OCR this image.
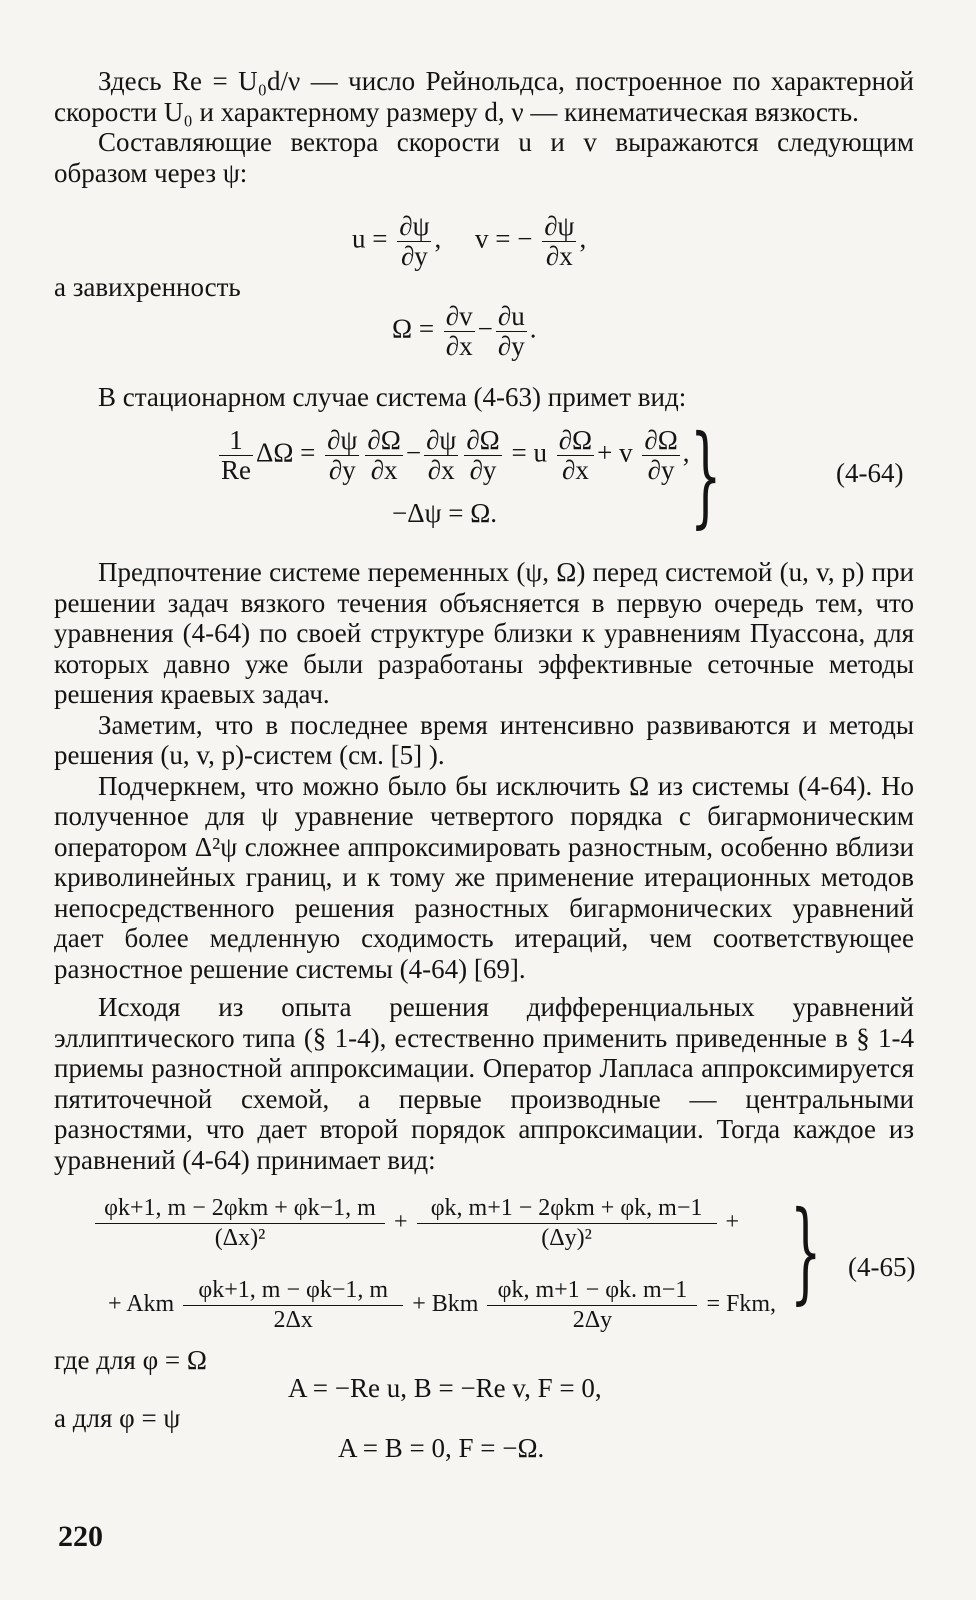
Здесь Re = U₀d/ν — число Рейнольдса, построенное по характерной скорости U₀ и характерному размеру d, ν — кинематическая вязкость.

Составляющие вектора скорости u и v выражаются следующим образом через ψ:

$u = \frac{\partial\psi}{\partial y}$ ,     v = − $\frac{\partial\psi}{\partial x}$ ,

а завихренность

$\Omega = \frac{\partial v}{\partial x} - \frac{\partial u}{\partial y}$ .

В стационарном случае система (4-63) примет вид:

$\frac{1}{Re}$ $\Delta\Omega = \frac{\partial\psi}{\partial y} \frac{\partial\Omega}{\partial x} - \frac{\partial\psi}{\partial x} \frac{\partial\Omega}{\partial y} = u \frac{\partial\Omega}{\partial x} + v \frac{\partial\Omega}{\partial y}$ ,
−Δψ = Ω. }	(4-64)

Предпочтение системе переменных (ψ, Ω) перед системой (u, v, p) при решении задач вязкого течения объясняется в первую очередь тем, что уравнения (4-64) по своей структуре близки к уравнениям Пуассона, для которых давно уже были разработаны эффективные сеточные методы решения краевых задач.

Заметим, что в последнее время интенсивно развиваются и методы решения (u, v, p)-систем (см. [5] ).

Подчеркнем, что можно было бы исключить Ω из системы (4-64). Но полученное для ψ уравнение четвертого порядка с бигармоническим оператором Δ²ψ сложнее аппроксимировать разностным, особенно вблизи криволинейных границ, и к тому же применение итерационных методов непосредственного решения разностных бигармонических уравнений дает более медленную сходимость итераций, чем соответствующее разностное решение системы (4-64) [69].

Исходя из опыта решения дифференциальных уравнений эллиптического типа (§ 1-4), естественно применить приведенные в § 1-4 приемы разностной аппроксимации. Оператор Лапласа аппроксимируется пятиточечной схемой, а первые производные — центральными разностями, что дает второй порядок аппроксимации. Тогда каждое из уравнений (4-64) принимает вид:

$\frac{\text{φk+1, m − 2φkm + φk−1, m}}{\text{(Δx)²}} + \frac{\text{φk, m+1 − 2φkm + φk, m−1}}{\text{(Δy)²}}$ +
+ Akm $\frac{\varphi k+1, m - \varphi k-1, m}{2\Delta x}$ + Bkm $\frac{\varphi k, m+1 - \varphi k. m-1}{2\Delta y}$ = Fkm, } (4-65)

где для φ = Ω

A = −Re u, B = −Re v, F = 0,

а для φ = ψ

A = B = 0, F = −Ω.
220
